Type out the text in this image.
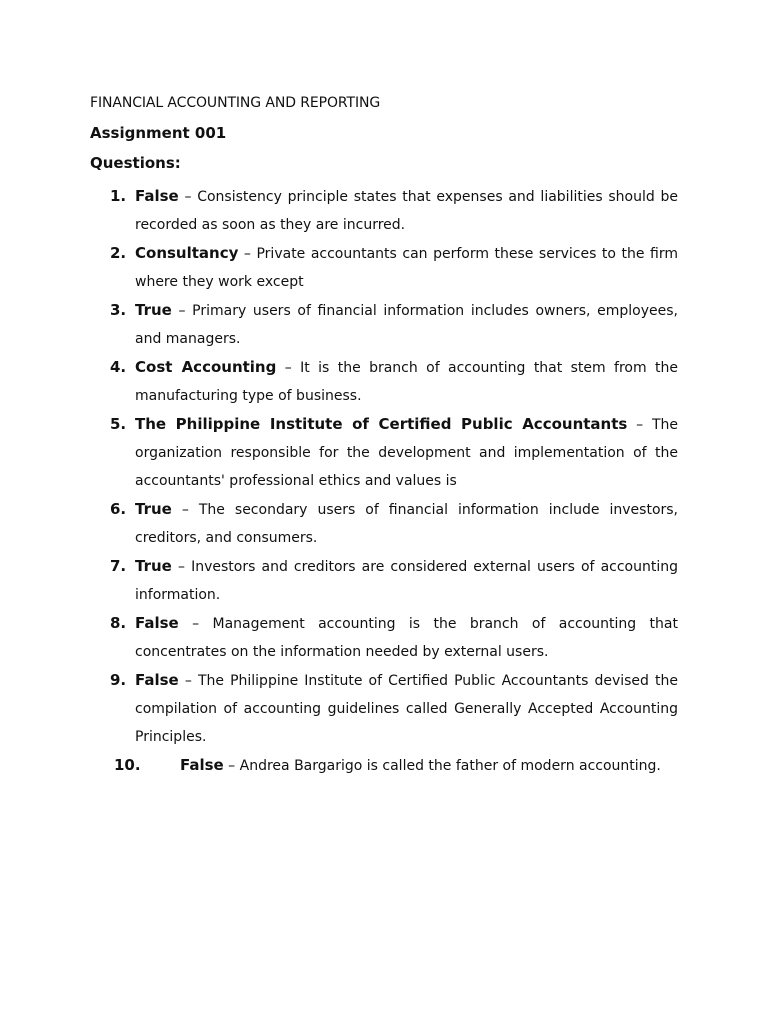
FINANCIAL ACCOUNTING AND REPORTING
Assignment 001
Questions:
1. False – Consistency principle states that expenses and liabilities should be recorded as soon as they are incurred.
2. Consultancy – Private accountants can perform these services to the firm where they work except
3. True – Primary users of financial information includes owners, employees, and managers.
4. Cost Accounting – It is the branch of accounting that stem from the manufacturing type of business.
5. The Philippine Institute of Certified Public Accountants – The organization responsible for the development and implementation of the accountants' professional ethics and values is
6. True – The secondary users of financial information include investors, creditors, and consumers.
7. True – Investors and creditors are considered external users of accounting information.
8. False – Management accounting is the branch of accounting that concentrates on the information needed by external users.
9. False – The Philippine Institute of Certified Public Accountants devised the compilation of accounting guidelines called Generally Accepted Accounting Principles.
10.	False – Andrea Bargarigo is called the father of modern accounting.
